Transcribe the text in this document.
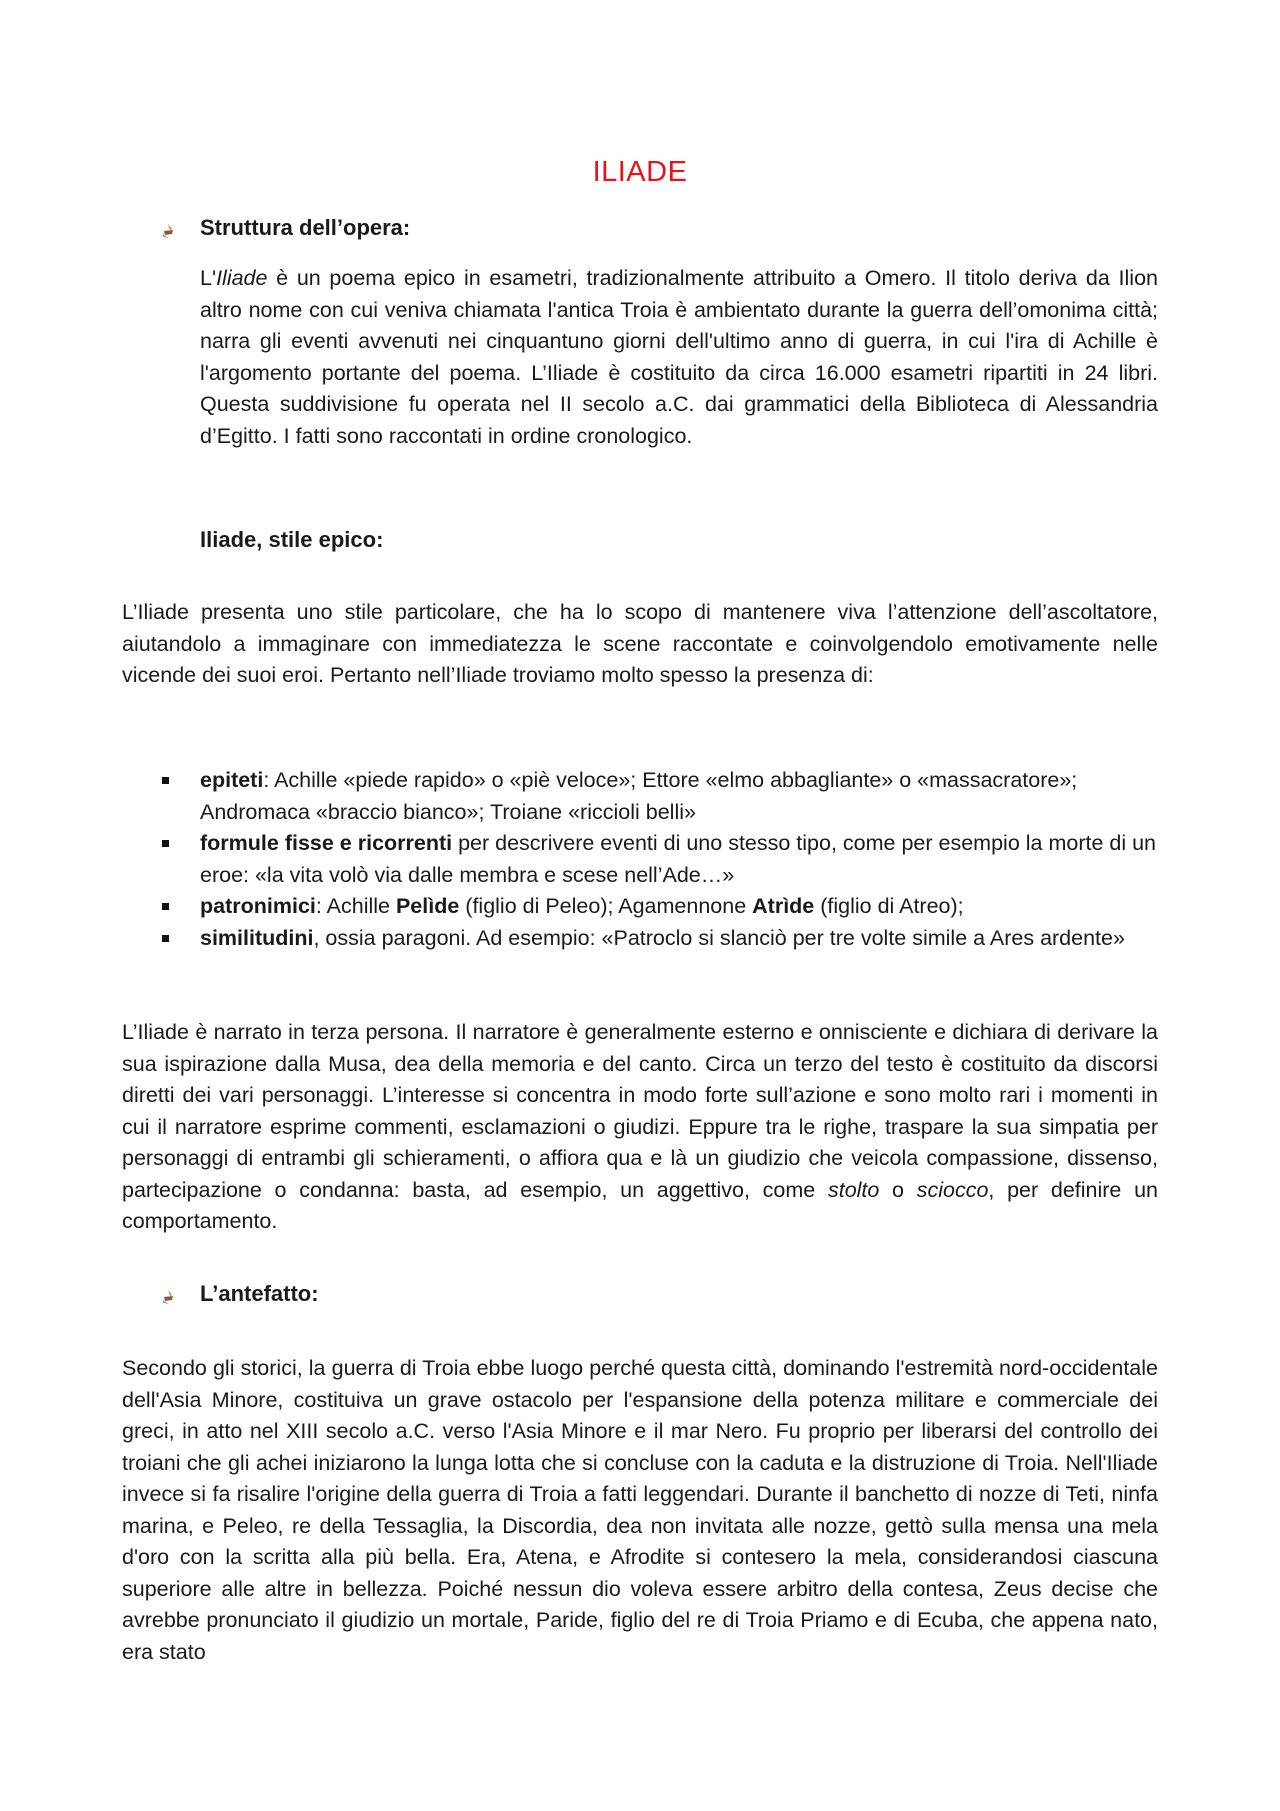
ILIADE
Struttura dell’opera:

L'Iliade è un poema epico in esametri, tradizionalmente attribuito a Omero. Il titolo deriva da Ilion altro nome con cui veniva chiamata l'antica Troia è ambientato durante la guerra dell’omonima città; narra gli eventi avvenuti nei cinquantuno giorni dell'ultimo anno di guerra, in cui l'ira di Achille è l'argomento portante del poema. L’Iliade è costituito da circa 16.000 esametri ripartiti in 24 libri. Questa suddivisione fu operata nel II secolo a.C. dai grammatici della Biblioteca di Alessandria d’Egitto. I fatti sono raccontati in ordine cronologico.

Iliade, stile epico:

L’Iliade presenta uno stile particolare, che ha lo scopo di mantenere viva l’attenzione dell’ascoltatore, aiutandolo a immaginare con immediatezza le scene raccontate e coinvolgendolo emotivamente nelle vicende dei suoi eroi. Pertanto nell’Iliade troviamo molto spesso la presenza di:

epiteti: Achille «piede rapido» o «piè veloce»; Ettore «elmo abbagliante» o «massacratore»; Andromaca «braccio bianco»; Troiane «riccioli belli»
formule fisse e ricorrenti per descrivere eventi di uno stesso tipo, come per esempio la morte di un eroe: «la vita volò via dalle membra e scese nell’Ade…»
patronimici: Achille Pelìde (figlio di Peleo); Agamennone Atrìde (figlio di Atreo);
similitudini, ossia paragoni. Ad esempio: «Patroclo si slanciò per tre volte simile a Ares ardente»

L’Iliade è narrato in terza persona. Il narratore è generalmente esterno e onnisciente e dichiara di derivare la sua ispirazione dalla Musa, dea della memoria e del canto. Circa un terzo del testo è costituito da discorsi diretti dei vari personaggi. L’interesse si concentra in modo forte sull’azione e sono molto rari i momenti in cui il narratore esprime commenti, esclamazioni o giudizi. Eppure tra le righe, traspare la sua simpatia per personaggi di entrambi gli schieramenti, o affiora qua e là un giudizio che veicola compassione, dissenso, partecipazione o condanna: basta, ad esempio, un aggettivo, come stolto o sciocco, per definire un comportamento.

L’antefatto:

Secondo gli storici, la guerra di Troia ebbe luogo perché questa città, dominando l'estremità nord-occidentale dell'Asia Minore, costituiva un grave ostacolo per l'espansione della potenza militare e commerciale dei greci, in atto nel XIII secolo a.C. verso l'Asia Minore e il mar Nero. Fu proprio per liberarsi del controllo dei troiani che gli achei iniziarono la lunga lotta che si concluse con la caduta e la distruzione di Troia. Nell'Iliade invece si fa risalire l'origine della guerra di Troia a fatti leggendari. Durante il banchetto di nozze di Teti, ninfa marina, e Peleo, re della Tessaglia, la Discordia, dea non invitata alle nozze, gettò sulla mensa una mela d'oro con la scritta alla più bella. Era, Atena, e Afrodite si contesero la mela, considerandosi ciascuna superiore alle altre in bellezza. Poiché nessun dio voleva essere arbitro della contesa, Zeus decise che avrebbe pronunciato il giudizio un mortale, Paride, figlio del re di Troia Priamo e di Ecuba, che appena nato, era stato
